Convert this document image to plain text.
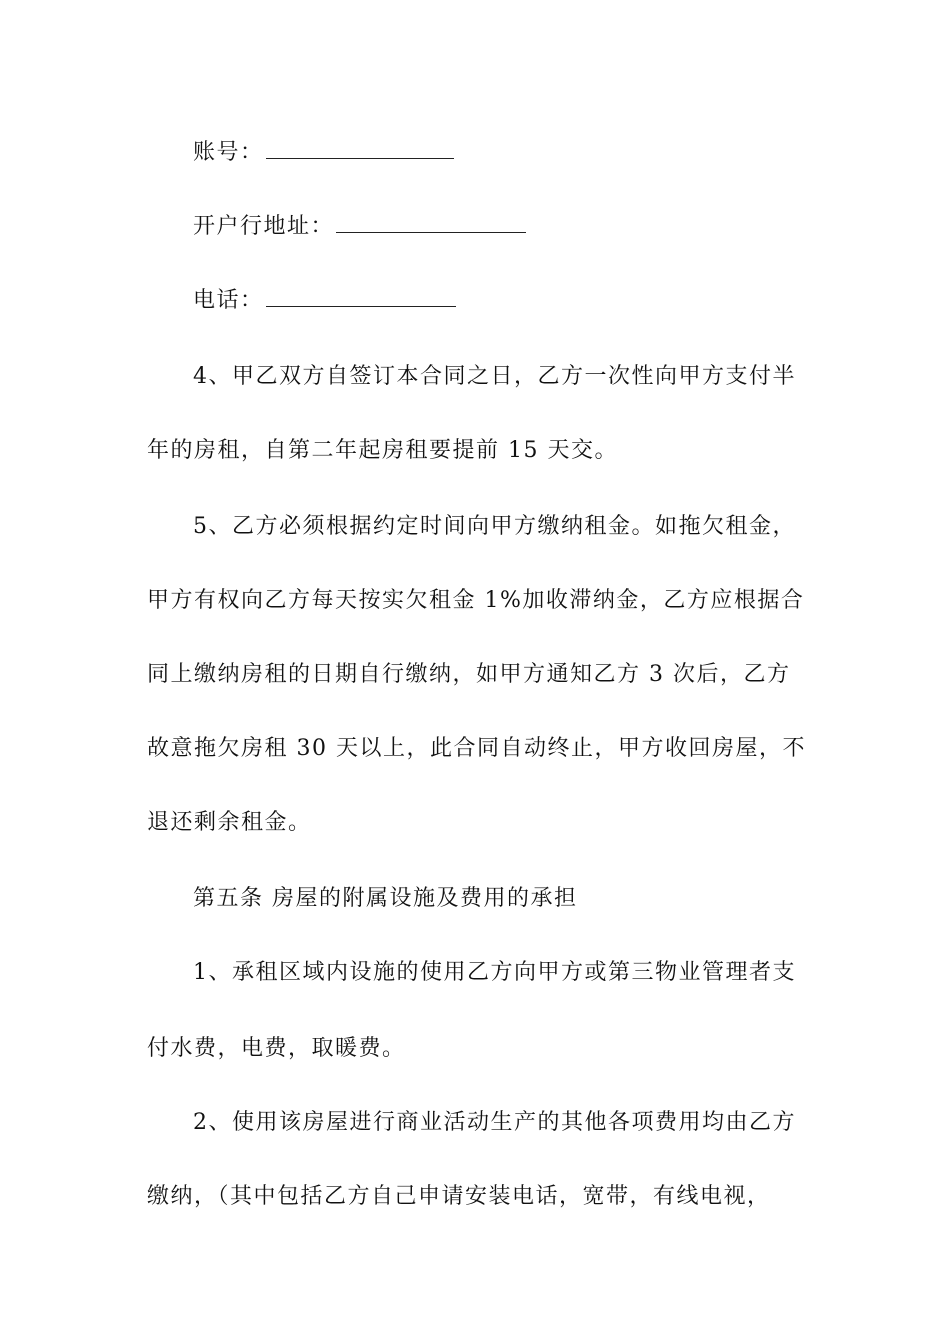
账号：
开户行地址：
电话：
4、甲乙双方自签订本合同之日，乙方一次性向甲方支付半
年的房租，自第二年起房租要提前 15 天交。
5、乙方必须根据约定时间向甲方缴纳租金。如拖欠租金，
甲方有权向乙方每天按实欠租金 1%加收滞纳金，乙方应根据合
同上缴纳房租的日期自行缴纳，如甲方通知乙方 3 次后，乙方
故意拖欠房租 30 天以上，此合同自动终止，甲方收回房屋，不
退还剩余租金。
第五条 房屋的附属设施及费用的承担
1、承租区域内设施的使用乙方向甲方或第三物业管理者支
付水费，电费，取暖费。
2、使用该房屋进行商业活动生产的其他各项费用均由乙方
缴纳，（其中包括乙方自己申请安装电话，宽带，有线电视，
